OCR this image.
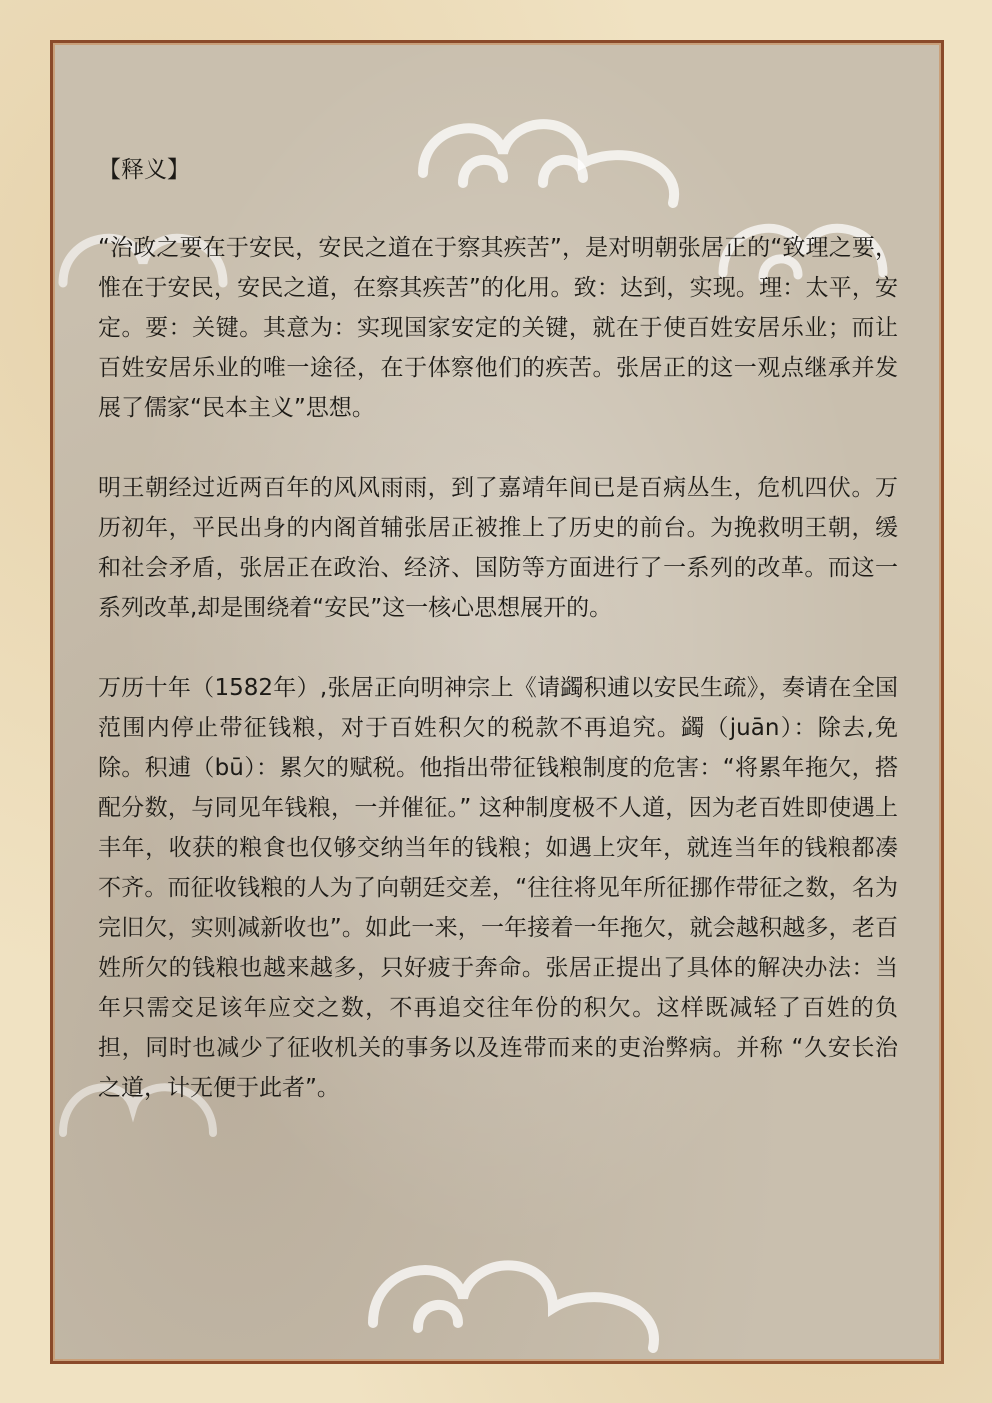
【释义】

“治政之要在于安民，安民之道在于察其疾苦”，是对明朝张居正的“致理之要，惟在于安民，安民之道，在察其疾苦”的化用。致：达到，实现。理：太平，安定。要：关键。其意为：实现国家安定的关键，就在于使百姓安居乐业；而让百姓安居乐业的唯一途径，在于体察他们的疾苦。张居正的这一观点继承并发展了儒家“民本主义”思想。

明王朝经过近两百年的风风雨雨，到了嘉靖年间已是百病丛生，危机四伏。万历初年，平民出身的内阁首辅张居正被推上了历史的前台。为挽救明王朝，缓和社会矛盾，张居正在政治、经济、国防等方面进行了一系列的改革。而这一系列改革,却是围绕着“安民”这一核心思想展开的。

万历十年（1582年）,张居正向明神宗上《请蠲积逋以安民生疏》，奏请在全国范围内停止带征钱粮，对于百姓积欠的税款不再追究。蠲（juān）：除去,免除。积逋（bū）：累欠的赋税。他指出带征钱粮制度的危害：“将累年拖欠，搭配分数，与同见年钱粮，一并催征。” 这种制度极不人道，因为老百姓即使遇上丰年，收获的粮食也仅够交纳当年的钱粮；如遇上灾年，就连当年的钱粮都凑不齐。而征收钱粮的人为了向朝廷交差，“往往将见年所征挪作带征之数，名为完旧欠，实则减新收也”。如此一来，一年接着一年拖欠，就会越积越多，老百姓所欠的钱粮也越来越多，只好疲于奔命。张居正提出了具体的解决办法：当年只需交足该年应交之数，不再追交往年份的积欠。这样既减轻了百姓的负担，同时也减少了征收机关的事务以及连带而来的吏治弊病。并称 “久安长治之道，计无便于此者”。
